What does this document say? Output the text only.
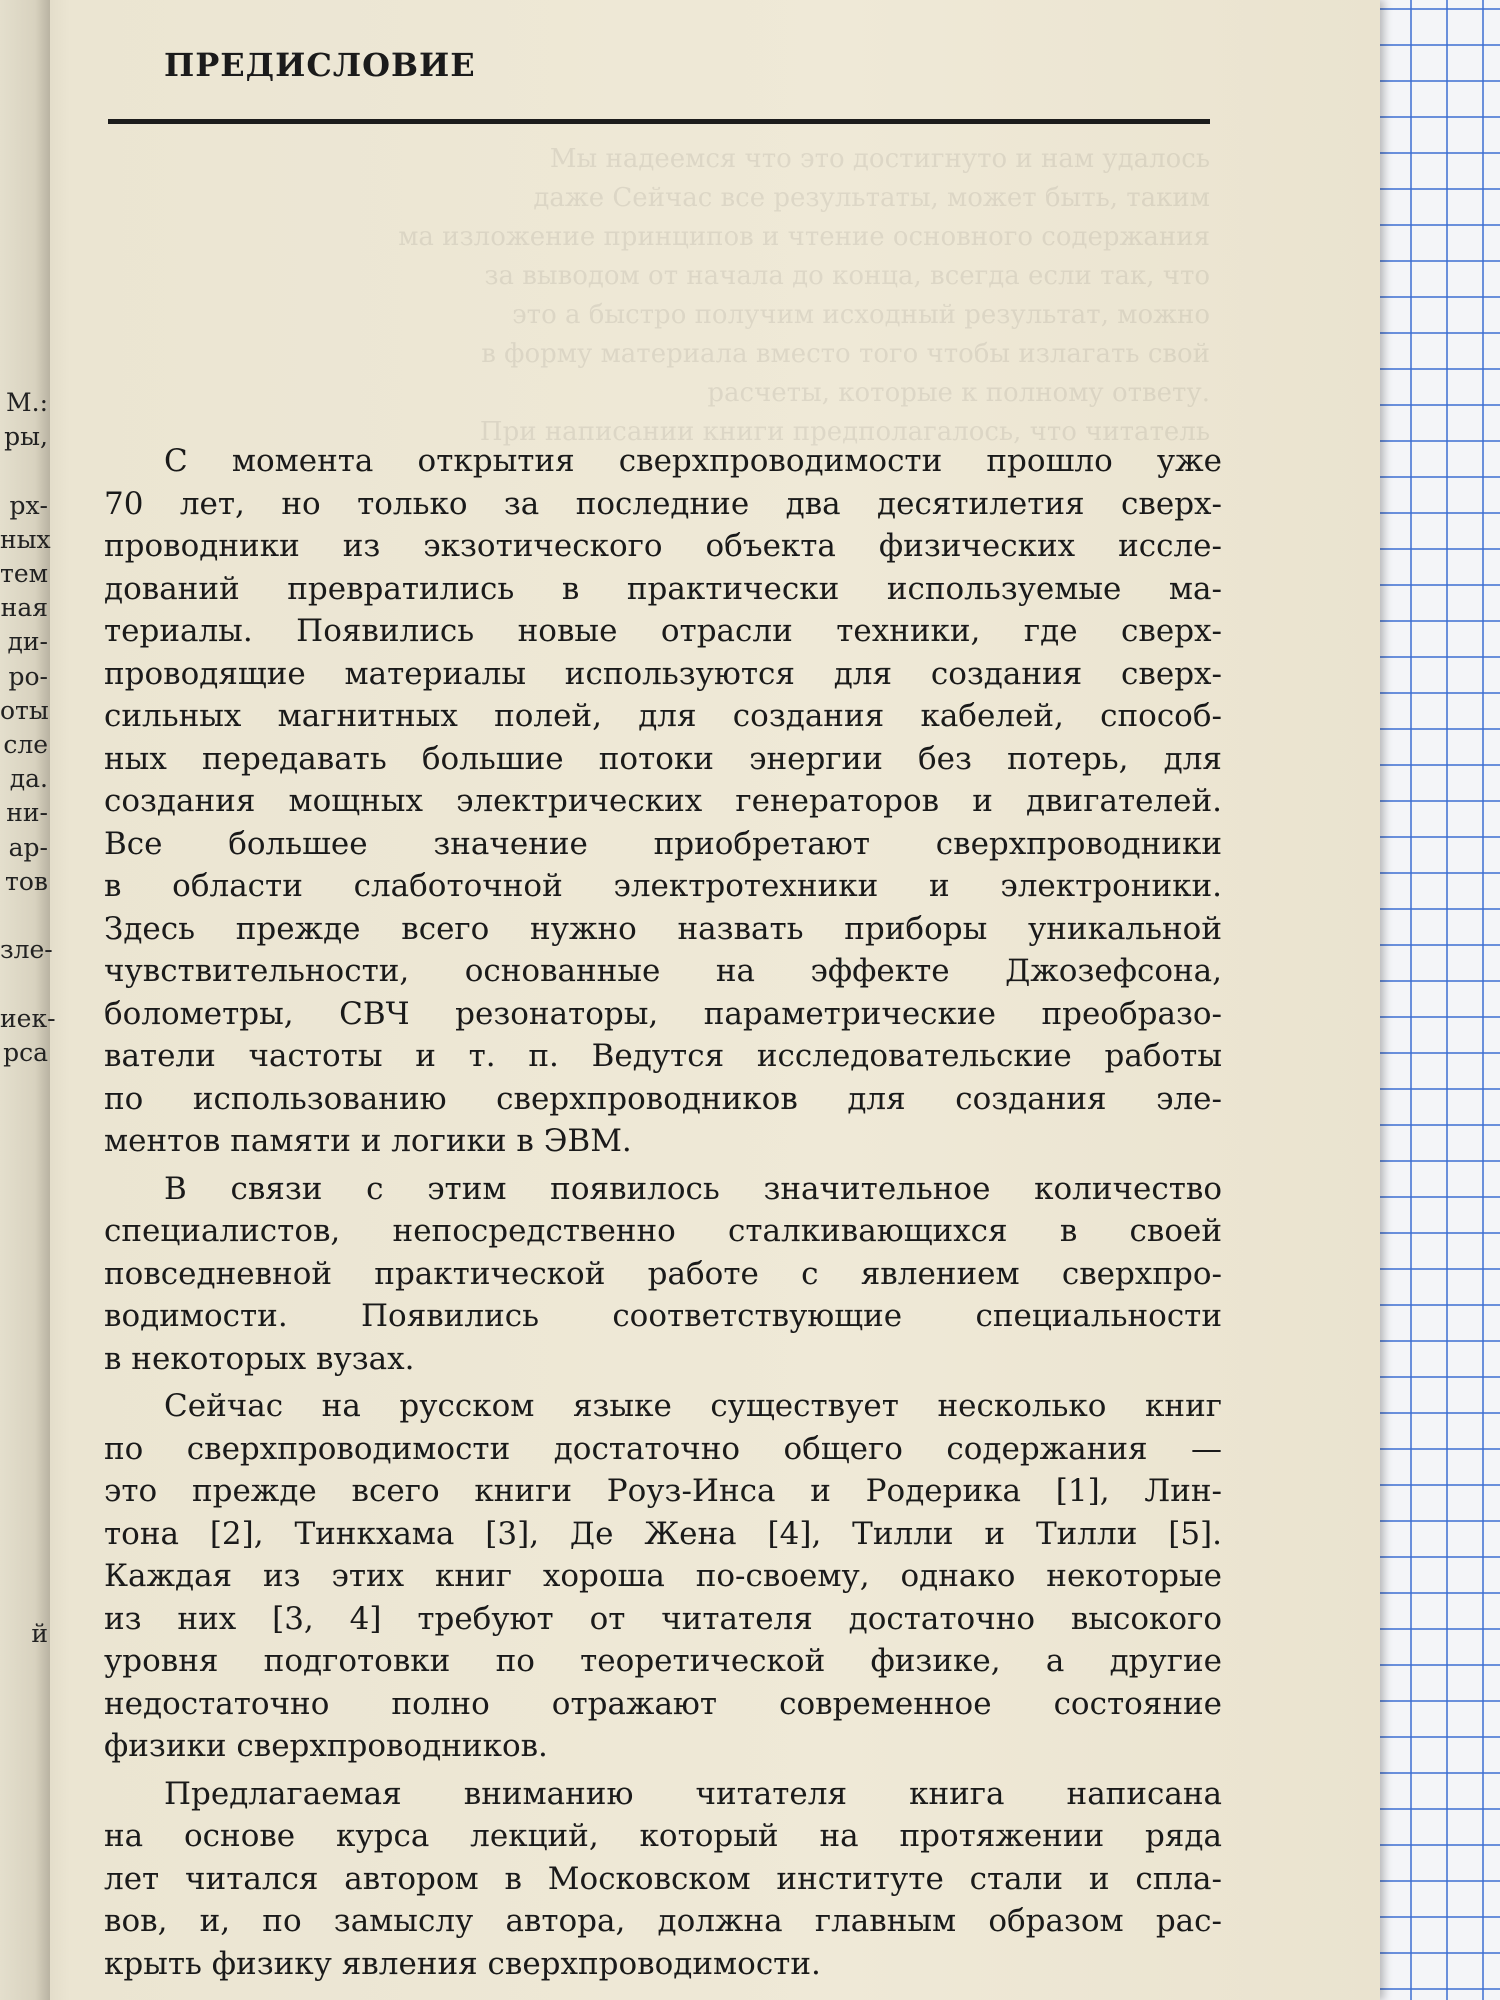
ПРЕДИСЛОВИЕ
Мы надеемся что это достигнуто и нам удалось
даже Сейчас все результаты, может быть, таким
ма изложение принципов и чтение основного содержания
за выводом от начала до конца, всегда если так, что
это а быстро получим исходный результат, можно
в форму материала вместо того чтобы излагать свой
расчеты, которые к полному ответу.
При написании книги предполагалось, что читатель
С момента открытия сверхпроводимости прошло уже
70 лет, но только за последние два десятилетия сверх-
проводники из экзотического объекта физических иссле-
дований превратились в практически используемые ма-
териалы. Появились новые отрасли техники, где сверх-
проводящие материалы используются для создания сверх-
сильных магнитных полей, для создания кабелей, способ-
ных передавать большие потоки энергии без потерь, для
создания мощных электрических генераторов и двигателей.
Все большее значение приобретают сверхпроводники
в области слаботочной электротехники и электроники.
Здесь прежде всего нужно назвать приборы уникальной
чувствительности, основанные на эффекте Джозефсона,
болометры, СВЧ резонаторы, параметрические преобразо-
ватели частоты и т. п. Ведутся исследовательские работы
по использованию сверхпроводников для создания эле-
ментов памяти и логики в ЭВМ.
В связи с этим появилось значительное количество
специалистов, непосредственно сталкивающихся в своей
повседневной практической работе с явлением сверхпро-
водимости. Появились соответствующие специальности
в некоторых вузах.
Сейчас на русском языке существует несколько книг
по сверхпроводимости достаточно общего содержания —
это прежде всего книги Роуз-Инса и Родерика [1], Лин-
тона [2], Тинкхама [3], Де Жена [4], Тилли и Тилли [5].
Каждая из этих книг хороша по-своему, однако некоторые
из них [3, 4] требуют от читателя достаточно высокого
уровня подготовки по теоретической физике, а другие
недостаточно полно отражают современное состояние
физики сверхпроводников.
Предлагаемая вниманию читателя книга написана
на основе курса лекций, который на протяжении ряда
лет читался автором в Московском институте стали и спла-
вов, и, по замыслу автора, должна главным образом рас-
крыть физику явления сверхпроводимости.
М.:
ры,
рх-
ных
тем
ная
ди-
ро-
оты
сле
да.
ни-
ар-
тов
зле-
иек-
рса
й
